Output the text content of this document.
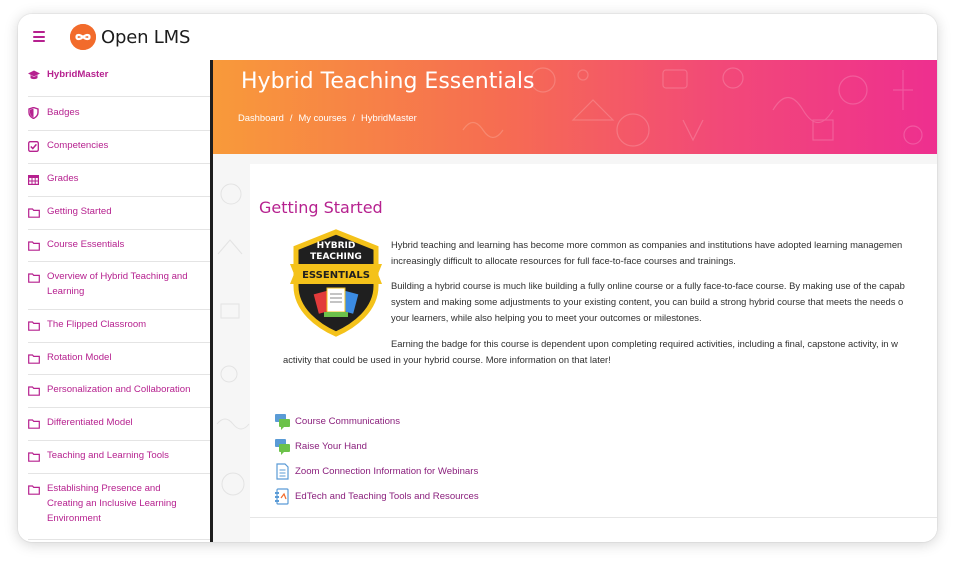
Open LMS
HybridMaster
Badges
Competencies
Grades
Getting Started
Course Essentials
Overview of Hybrid Teaching and Learning
The Flipped Classroom
Rotation Model
Personalization and Collaboration
Differentiated Model
Teaching and Learning Tools
Establishing Presence and Creating an Inclusive Learning Environment
Hybrid Teaching Essentials
Dashboard / My courses / HybridMaster
Getting Started
HYBRID
TEACHING
ESSENTIALS
Hybrid teaching and learning has become more common as companies and institutions have adopted learning managemen
increasingly difficult to allocate resources for full face-to-face courses and trainings.
Building a hybrid course is much like building a fully online course or a fully face-to-face course. By making use of the capab
system and making some adjustments to your existing content, you can build a strong hybrid course that meets the needs o
your learners, while also helping you to meet your outcomes or milestones.
Earning the badge for this course is dependent upon completing required activities, including a final, capstone activity, in w
activity that could be used in your hybrid course. More information on that later!
Course Communications
Raise Your Hand
Zoom Connection Information for Webinars
EdTech and Teaching Tools and Resources
